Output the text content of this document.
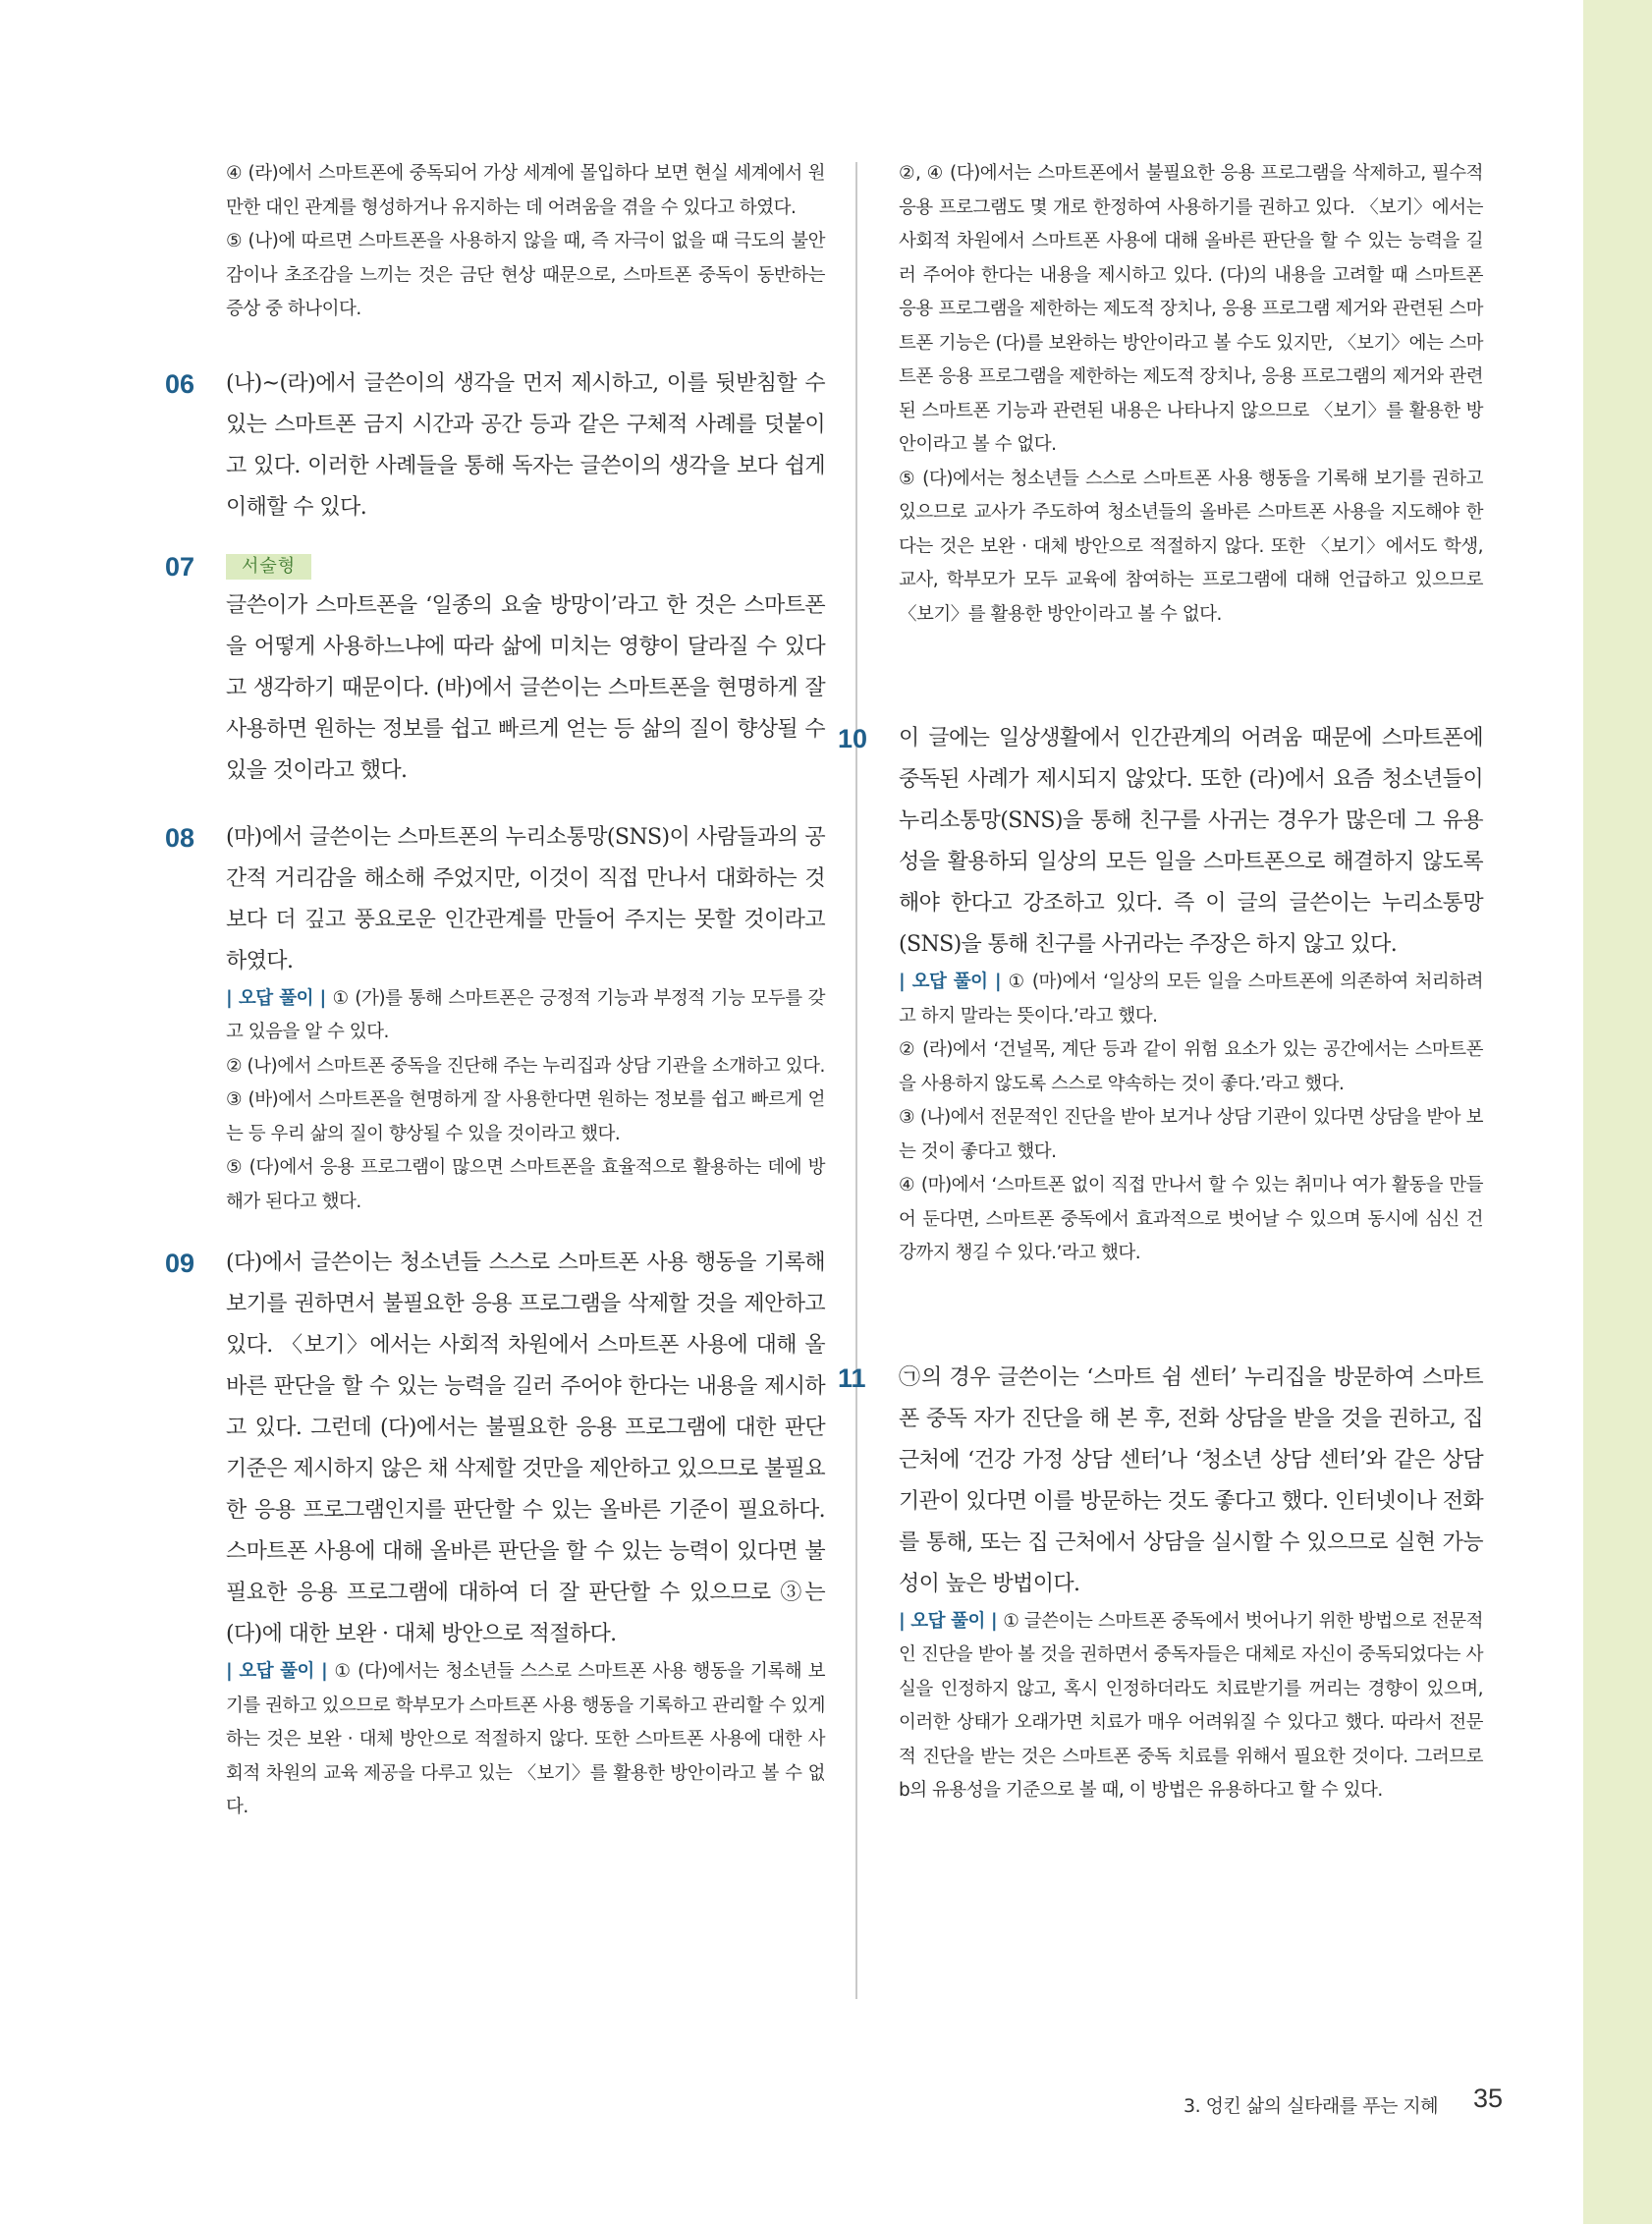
④ (라)에서 스마트폰에 중독되어 가상 세계에 몰입하다 보면 현실 세계에서 원만한 대인 관계를 형성하거나 유지하는 데 어려움을 겪을 수 있다고 하였다.

⑤ (나)에 따르면 스마트폰을 사용하지 않을 때, 즉 자극이 없을 때 극도의 불안감이나 초조감을 느끼는 것은 금단 현상 때문으로, 스마트폰 중독이 동반하는 증상 중 하나이다.

06 (나)~(라)에서 글쓴이의 생각을 먼저 제시하고, 이를 뒷받침할 수 있는 스마트폰 금지 시간과 공간 등과 같은 구체적 사례를 덧붙이고 있다. 이러한 사례들을 통해 독자는 글쓴이의 생각을 보다 쉽게 이해할 수 있다.

07	서술형

글쓴이가 스마트폰을 ‘일종의 요술 방망이’라고 한 것은 스마트폰을 어떻게 사용하느냐에 따라 삶에 미치는 영향이 달라질 수 있다고 생각하기 때문이다. (바)에서 글쓴이는 스마트폰을 현명하게 잘 사용하면 원하는 정보를 쉽고 빠르게 얻는 등 삶의 질이 향상될 수 있을 것이라고 했다.

08 (마)에서 글쓴이는 스마트폰의 누리소통망(SNS)이 사람들과의 공간적 거리감을 해소해 주었지만, 이것이 직접 만나서 대화하는 것보다 더 깊고 풍요로운 인간관계를 만들어 주지는 못할 것이라고 하였다.

| 오답 풀이 | ① (가)를 통해 스마트폰은 긍정적 기능과 부정적 기능 모두를 갖고 있음을 알 수 있다.

② (나)에서 스마트폰 중독을 진단해 주는 누리집과 상담 기관을 소개하고 있다.

③ (바)에서 스마트폰을 현명하게 잘 사용한다면 원하는 정보를 쉽고 빠르게 얻는 등 우리 삶의 질이 향상될 수 있을 것이라고 했다.

⑤ (다)에서 응용 프로그램이 많으면 스마트폰을 효율적으로 활용하는 데에 방해가 된다고 했다.

09 (다)에서 글쓴이는 청소년들 스스로 스마트폰 사용 행동을 기록해 보기를 권하면서 불필요한 응용 프로그램을 삭제할 것을 제안하고 있다. 〈보기〉에서는 사회적 차원에서 스마트폰 사용에 대해 올바른 판단을 할 수 있는 능력을 길러 주어야 한다는 내용을 제시하고 있다. 그런데 (다)에서는 불필요한 응용 프로그램에 대한 판단 기준은 제시하지 않은 채 삭제할 것만을 제안하고 있으므로 불필요한 응용 프로그램인지를 판단할 수 있는 올바른 기준이 필요하다. 스마트폰 사용에 대해 올바른 판단을 할 수 있는 능력이 있다면 불필요한 응용 프로그램에 대하여 더 잘 판단할 수 있으므로 ③는 (다)에 대한 보완 · 대체 방안으로 적절하다.

| 오답 풀이 | ① (다)에서는 청소년들 스스로 스마트폰 사용 행동을 기록해 보기를 권하고 있으므로 학부모가 스마트폰 사용 행동을 기록하고 관리할 수 있게 하는 것은 보완 · 대체 방안으로 적절하지 않다. 또한 스마트폰 사용에 대한 사회적 차원의 교육 제공을 다루고 있는 〈보기〉를 활용한 방안이라고 볼 수 없다.

②, ④ (다)에서는 스마트폰에서 불필요한 응용 프로그램을 삭제하고, 필수적 응용 프로그램도 몇 개로 한정하여 사용하기를 권하고 있다. 〈보기〉에서는 사회적 차원에서 스마트폰 사용에 대해 올바른 판단을 할 수 있는 능력을 길러 주어야 한다는 내용을 제시하고 있다. (다)의 내용을 고려할 때 스마트폰 응용 프로그램을 제한하는 제도적 장치나, 응용 프로그램 제거와 관련된 스마트폰 기능은 (다)를 보완하는 방안이라고 볼 수도 있지만, 〈보기〉에는 스마트폰 응용 프로그램을 제한하는 제도적 장치나, 응용 프로그램의 제거와 관련된 스마트폰 기능과 관련된 내용은 나타나지 않으므로 〈보기〉를 활용한 방안이라고 볼 수 없다.

⑤ (다)에서는 청소년들 스스로 스마트폰 사용 행동을 기록해 보기를 권하고 있으므로 교사가 주도하여 청소년들의 올바른 스마트폰 사용을 지도해야 한다는 것은 보완 · 대체 방안으로 적절하지 않다. 또한 〈보기〉에서도 학생, 교사, 학부모가 모두 교육에 참여하는 프로그램에 대해 언급하고 있으므로 〈보기〉를 활용한 방안이라고 볼 수 없다.

10 이 글에는 일상생활에서 인간관계의 어려움 때문에 스마트폰에 중독된 사례가 제시되지 않았다. 또한 (라)에서 요즘 청소년들이 누리소통망(SNS)을 통해 친구를 사귀는 경우가 많은데 그 유용성을 활용하되 일상의 모든 일을 스마트폰으로 해결하지 않도록 해야 한다고 강조하고 있다. 즉 이 글의 글쓴이는 누리소통망(SNS)을 통해 친구를 사귀라는 주장은 하지 않고 있다.

| 오답 풀이 | ① (마)에서 ‘일상의 모든 일을 스마트폰에 의존하여 처리하려고 하지 말라는 뜻이다.’라고 했다.

② (라)에서 ‘건널목, 계단 등과 같이 위험 요소가 있는 공간에서는 스마트폰을 사용하지 않도록 스스로 약속하는 것이 좋다.’라고 했다.

③ (나)에서 전문적인 진단을 받아 보거나 상담 기관이 있다면 상담을 받아 보는 것이 좋다고 했다.

④ (마)에서 ‘스마트폰 없이 직접 만나서 할 수 있는 취미나 여가 활동을 만들어 둔다면, 스마트폰 중독에서 효과적으로 벗어날 수 있으며 동시에 심신 건강까지 챙길 수 있다.’라고 했다.

11 ㉠의 경우 글쓴이는 ‘스마트 쉼 센터’ 누리집을 방문하여 스마트폰 중독 자가 진단을 해 본 후, 전화 상담을 받을 것을 권하고, 집 근처에 ‘건강 가정 상담 센터’나 ‘청소년 상담 센터’와 같은 상담 기관이 있다면 이를 방문하는 것도 좋다고 했다. 인터넷이나 전화를 통해, 또는 집 근처에서 상담을 실시할 수 있으므로 실현 가능성이 높은 방법이다.

| 오답 풀이 | ① 글쓴이는 스마트폰 중독에서 벗어나기 위한 방법으로 전문적인 진단을 받아 볼 것을 권하면서 중독자들은 대체로 자신이 중독되었다는 사실을 인정하지 않고, 혹시 인정하더라도 치료받기를 꺼리는 경향이 있으며, 이러한 상태가 오래가면 치료가 매우 어려워질 수 있다고 했다. 따라서 전문적 진단을 받는 것은 스마트폰 중독 치료를 위해서 필요한 것이다. 그러므로 b의 유용성을 기준으로 볼 때, 이 방법은 유용하다고 할 수 있다.

3. 엉킨 삶의 실타래를 푸는 지혜 35
